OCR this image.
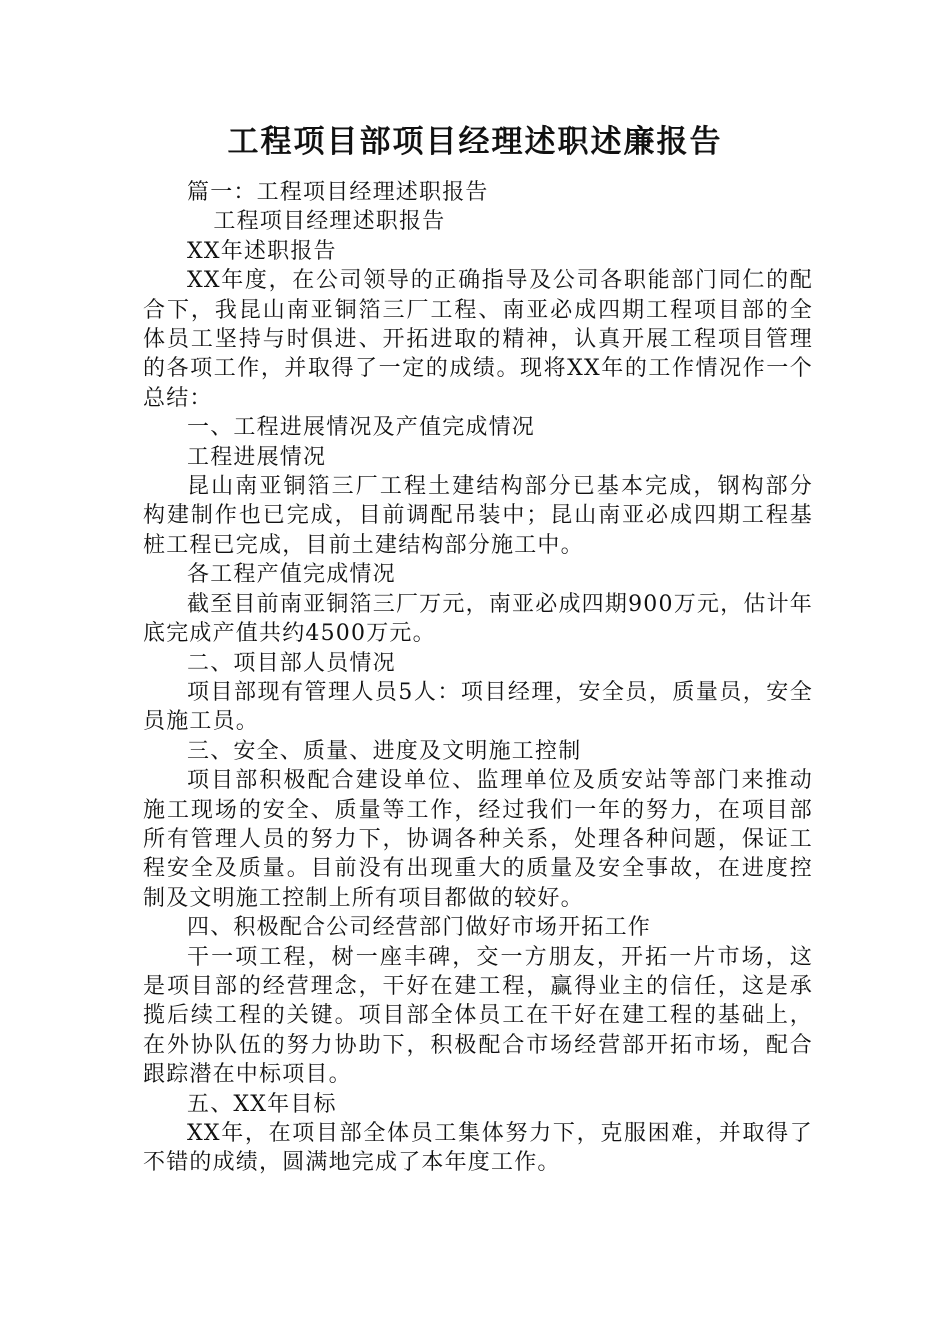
工程项目部项目经理述职述廉报告

篇一：工程项目经理述职报告

工程项目经理述职报告

XX年述职报告

XX年度，在公司领导的正确指导及公司各职能部门同仁的配合下，我昆山南亚铜箔三厂工程、南亚必成四期工程项目部的全体员工坚持与时俱进、开拓进取的精神，认真开展工程项目管理的各项工作，并取得了一定的成绩。现将XX年的工作情况作一个总结：

一、工程进展情况及产值完成情况

工程进展情况

昆山南亚铜箔三厂工程土建结构部分已基本完成，钢构部分构建制作也已完成，目前调配吊装中；昆山南亚必成四期工程基桩工程已完成，目前土建结构部分施工中。

各工程产值完成情况

截至目前南亚铜箔三厂万元，南亚必成四期900万元，估计年底完成产值共约4500万元。

二、项目部人员情况

项目部现有管理人员5人：项目经理，安全员，质量员，安全员施工员。

三、安全、质量、进度及文明施工控制

项目部积极配合建设单位、监理单位及质安站等部门来推动施工现场的安全、质量等工作，经过我们一年的努力，在项目部所有管理人员的努力下，协调各种关系，处理各种问题，保证工程安全及质量。目前没有出现重大的质量及安全事故，在进度控制及文明施工控制上所有项目都做的较好。

四、积极配合公司经营部门做好市场开拓工作

干一项工程，树一座丰碑，交一方朋友，开拓一片市场，这是项目部的经营理念，干好在建工程，赢得业主的信任，这是承揽后续工程的关键。项目部全体员工在干好在建工程的基础上，在外协队伍的努力协助下，积极配合市场经营部开拓市场，配合跟踪潜在中标项目。

五、XX年目标

XX年，在项目部全体员工集体努力下，克服困难，并取得了不错的成绩，圆满地完成了本年度工作。
